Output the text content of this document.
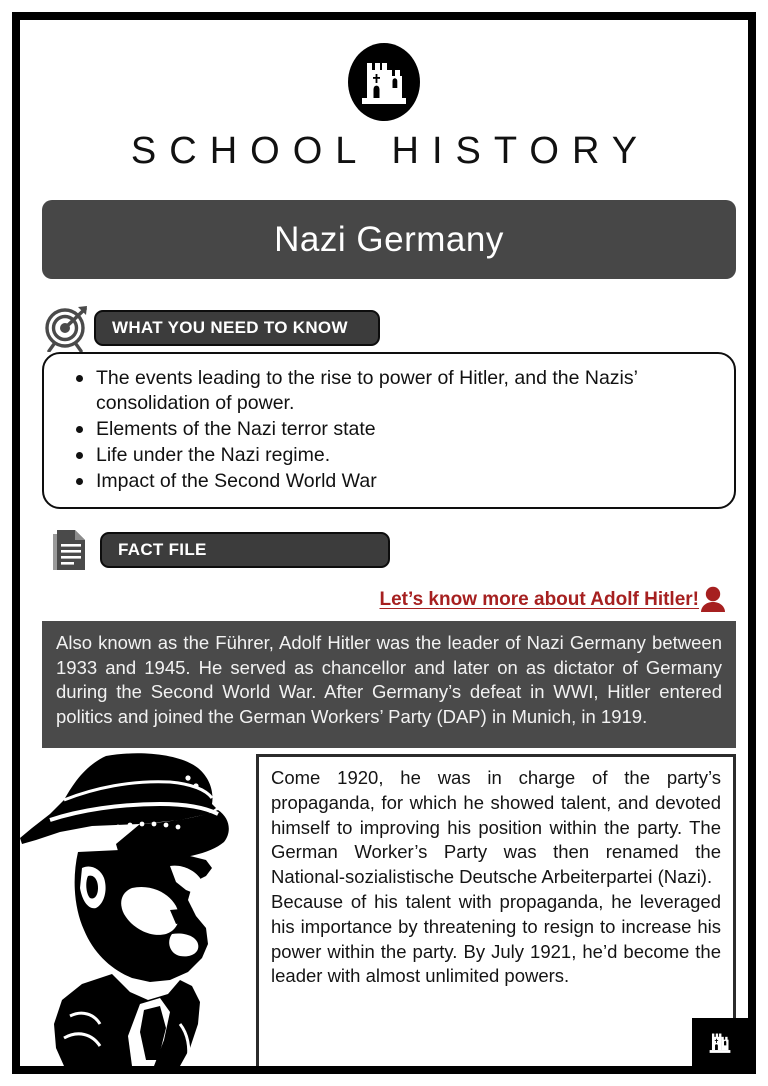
SCHOOL HISTORY
Nazi Germany
WHAT YOU NEED TO KNOW
The events leading to the rise to power of Hitler, and the Nazis’ consolidation of power.
Elements of the Nazi terror state
Life under the Nazi regime.
Impact of the Second World War
FACT FILE
Let’s know more about Adolf Hitler!

Also known as the Führer, Adolf Hitler was the leader of Nazi Germany between 1933 and 1945. He served as chancellor and later on as dictator of Germany during the Second World War. After Germany’s defeat in WWI, Hitler entered politics and joined the German Workers’ Party (DAP) in Munich, in 1919.

Come 1920, he was in charge of the party’s propaganda, for which he showed talent, and devoted himself to improving his position within the party. The German Worker’s Party was then renamed the National-sozialistische Deutsche Arbeiterpartei (Nazi).

Because of his talent with propaganda, he leveraged his importance by threatening to resign to increase his power within the party. By July 1921, he’d become the leader with almost unlimited powers.
